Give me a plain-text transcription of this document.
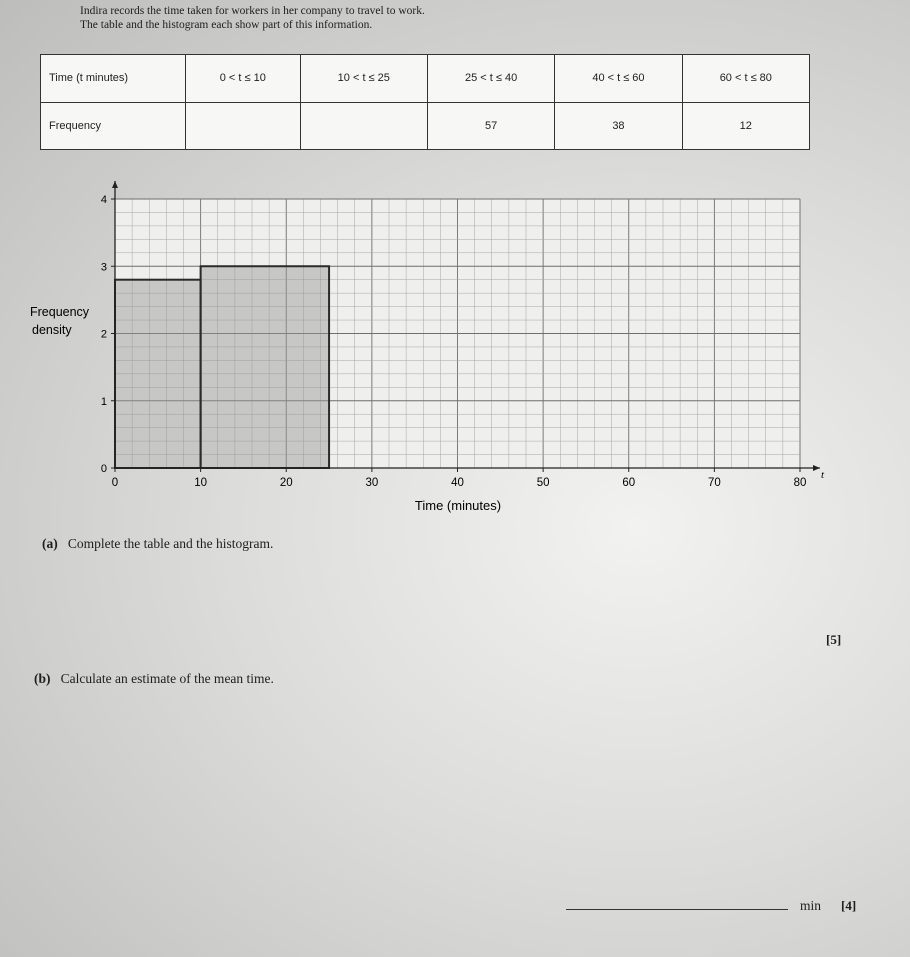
Indira records the time taken for workers in her company to travel to work.
The table and the histogram each show part of this information.
Time (t minutes)	0 < t ≤ 10	10 < t ≤ 25	25 < t ≤ 40	40 < t ≤ 60	60 < t ≤ 80
Frequency			57	38	12
0	10	20	30	40	50	60	70	80
0
1
2
3
4
Frequency
density
Time (minutes)
t
(a) Complete the table and the histogram.
[5]
(b) Calculate an estimate of the mean time.
min [4]
